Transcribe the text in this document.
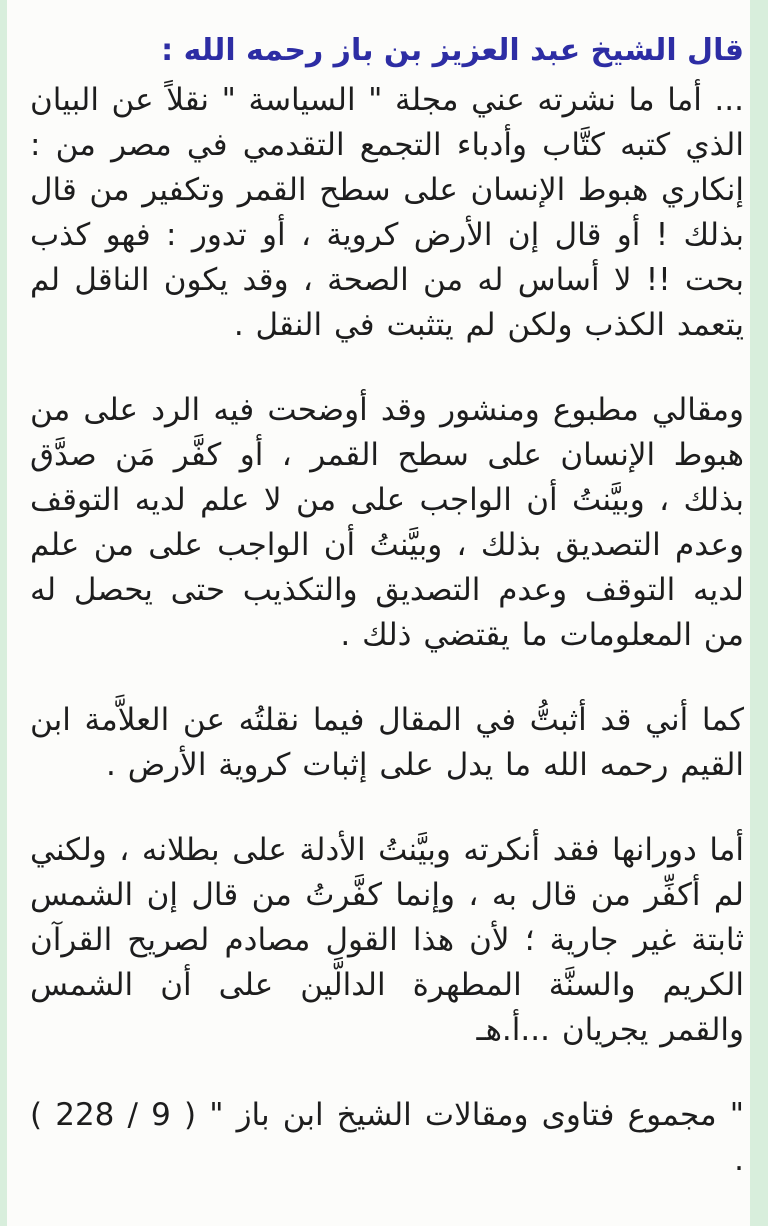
قال الشيخ عبد العزيز بن باز رحمه الله :

... أما ما نشرته عني مجلة " السياسة " نقلاً عن البيان الذي كتبه كتَّاب وأدباء التجمع التقدمي في مصر من : إنكاري هبوط الإنسان على سطح القمر وتكفير من قال بذلك ! أو قال إن الأرض كروية ، أو تدور : فهو كذب بحت !! لا أساس له من الصحة ، وقد يكون الناقل لم يتعمد الكذب ولكن لم يتثبت في النقل .

ومقالي مطبوع ومنشور وقد أوضحت فيه الرد على من هبوط الإنسان على سطح القمر ، أو كفَّر مَن صدَّق بذلك ، وبيَّنتُ أن الواجب على من لا علم لديه التوقف وعدم التصديق بذلك ، وبيَّنتُ أن الواجب على من علم لديه التوقف وعدم التصديق والتكذيب حتى يحصل له من المعلومات ما يقتضي ذلك .

كما أني قد أثبتُّ في المقال فيما نقلتُه عن العلاَّمة ابن القيم رحمه الله ما يدل على إثبات كروية الأرض .

أما دورانها فقد أنكرته وبيَّنتُ الأدلة على بطلانه ، ولكني لم أكفِّر من قال به ، وإنما كفَّرتُ من قال إن الشمس ثابتة غير جارية ؛ لأن هذا القول مصادم لصريح القرآن الكريم والسنَّة المطهرة الدالَّين على أن الشمس والقمر يجريان ...أ.هـ

" مجموع فتاوى ومقالات الشيخ ابن باز " ( 9 / 228 ) .
